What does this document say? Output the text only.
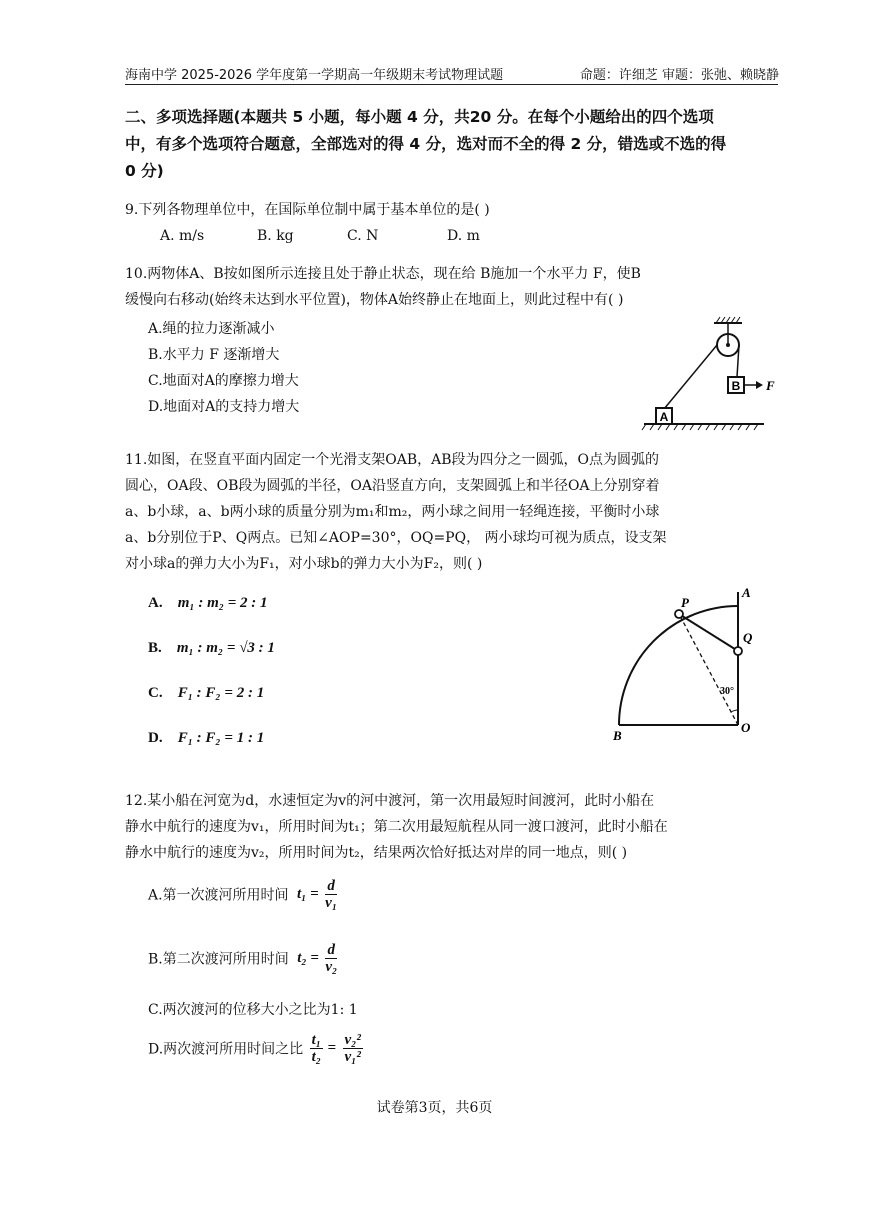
海南中学 2025-2026 学年度第一学期高一年级期末考试物理试题	命题：许细芝 审题：张弛、赖晓静
二、多项选择题(本题共 5 小题，每小题 4 分，共20 分。在每个小题给出的四个选项
中，有多个选项符合题意，全部选对的得 4 分，选对而不全的得 2 分，错选或不选的得
0 分)
9.下列各物理单位中，在国际单位制中属于基本单位的是( )
A. m/s	B. kg	C. N	D. m
10.两物体A、B按如图所示连接且处于静止状态，现在给 B施加一个水平力 F，使B
缓慢向右移动(始终未达到水平位置)，物体A始终静止在地面上，则此过程中有( )
A.绳的拉力逐渐减小
B.水平力 F 逐渐增大
C.地面对A的摩擦力增大
D.地面对A的支持力增大
B F
A
11.如图，在竖直平面内固定一个光滑支架OAB，AB段为四分之一圆弧，O点为圆弧的
圆心，OA段、OB段为圆弧的半径，OA沿竖直方向，支架圆弧上和半径OA上分别穿着
a、b小球，a、b两小球的质量分别为m₁和m₂，两小球之间用一轻绳连接，平衡时小球
a、b分别位于P、Q两点。已知∠AOP=30°，OQ=PQ， 两小球均可视为质点，设支架
对小球a的弹力大小为F₁，对小球b的弹力大小为F₂，则( )
A. m₁ : m₂ = 2 : 1
B. m₁ : m₂ = √3 : 1
C. F₁ : F₂ = 2 : 1
D. F₁ : F₂ = 1 : 1
P
A
Q
30°
O
B
12.某小船在河宽为d，水速恒定为v的河中渡河，第一次用最短时间渡河，此时小船在
静水中航行的速度为v₁，所用时间为t₁；第二次用最短航程从同一渡口渡河，此时小船在
静水中航行的速度为v₂，所用时间为t₂，结果两次恰好抵达对岸的同一地点，则( )
A.第一次渡河所用时间 $t_1 = \frac{d}{\text{v₁}}$
B.第二次渡河所用时间 $t_2 = \frac{d}{\text{v₂}}$
C.两次渡河的位移大小之比为1: 1
D.两次渡河所用时间之比 $\frac{\text{t₁}}{\text{t₂}} = \frac{\text{v₂²}}{\text{v₁²}}$
试卷第3页，共6页
